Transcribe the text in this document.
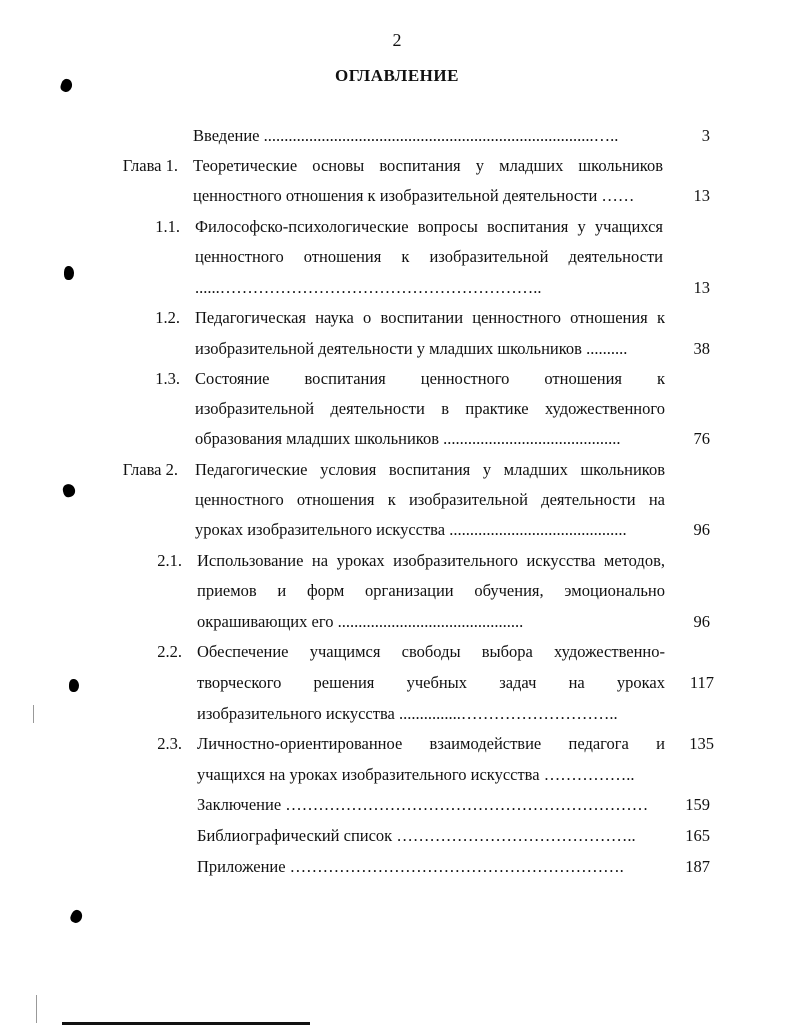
2
ОГЛАВЛЕНИЕ
Введение ................................................................................…..	3
Глава 1. Теоретические основы воспитания у младших школьников
ценностного отношения к изобразительной деятельности ……	13
1.1. Философско-психологические вопросы воспитания у учащихся
ценностного отношения к изобразительной деятельности
......…………………………………………………..	13
1.2. Педагогическая наука о воспитании ценностного отношения к
изобразительной деятельности у младших школьников ..........	38
1.3. Состояние воспитания ценностного отношения к
изобразительной деятельности в практике художественного
образования младших школьников ...........................................	76
Глава 2. Педагогические условия воспитания у младших школьников
ценностного отношения к изобразительной деятельности на
уроках изобразительного искусства ...........................................	96
2.1. Использование на уроках изобразительного искусства методов,
приемов и форм организации обучения, эмоционально
окрашивающих его .............................................	96
2.2. Обеспечение учащимся свободы выбора художественно-
творческого решения учебных задач на уроках	117
изобразительного искусства ...............………………………..
2.3. Личностно-ориентированное взаимодействие педагога и	135
учащихся на уроках изобразительного искусства ……………..
Заключение …………………………………………………………	159
Библиографический список ……………………………………..	165
Приложение …………………………………………………….	187
